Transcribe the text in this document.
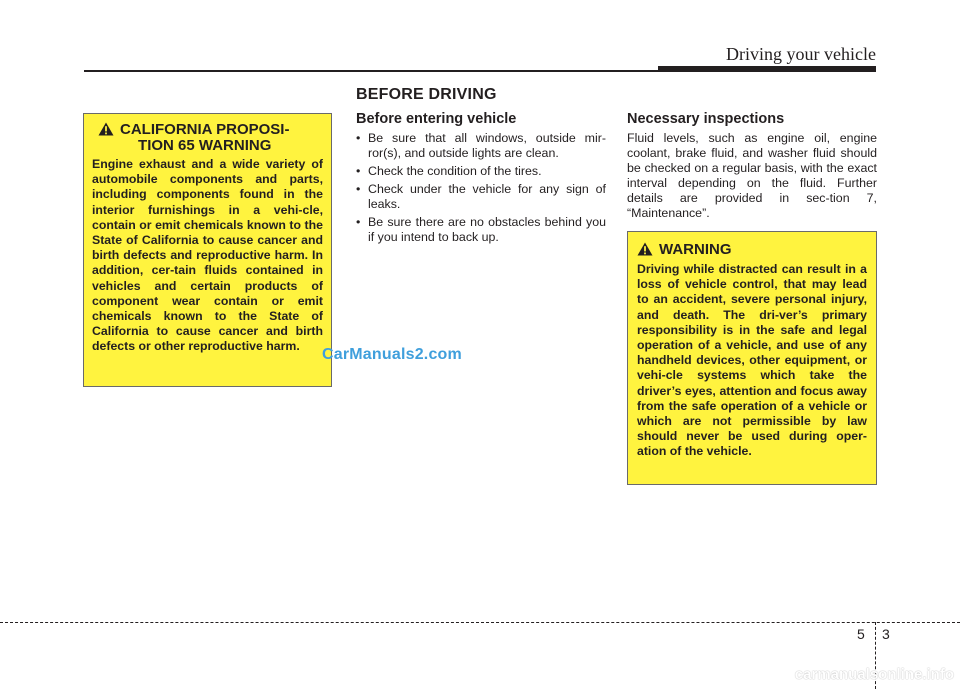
Driving your vehicle
BEFORE DRIVING
CALIFORNIA PROPOSI-
TION 65 WARNING
Engine exhaust and a wide variety of automobile components and parts, including components found in the interior furnishings in a vehi-cle, contain or emit chemicals known to the State of California to cause cancer and birth defects and reproductive harm. In addition, cer-tain fluids contained in vehicles and certain products of component wear contain or emit chemicals known to the State of California to cause cancer and birth defects or other reproductive harm.	CarManuals2.com
Before entering vehicle
• Be sure that all windows, outside mir-ror(s), and outside lights are clean.
• Check the condition of the tires.
• Check under the vehicle for any sign of leaks.
• Be sure there are no obstacles behind you if you intend to back up.
Necessary inspections

Fluid levels, such as engine oil, engine coolant, brake fluid, and washer fluid should be checked on a regular basis, with the exact interval depending on the fluid. Further details are provided in sec-tion 7, “Maintenance”.

WARNING
Driving while distracted can result in a loss of vehicle control, that may lead to an accident, severe personal injury, and death. The dri-ver’s primary responsibility is in the safe and legal operation of a vehicle, and use of any handheld devices, other equipment, or vehi-cle systems which take the driver’s eyes, attention and focus away from the safe operation of a vehicle or which are not permissible by law should never be used during oper-ation of the vehicle.
5 3
carmanualsonline.info
